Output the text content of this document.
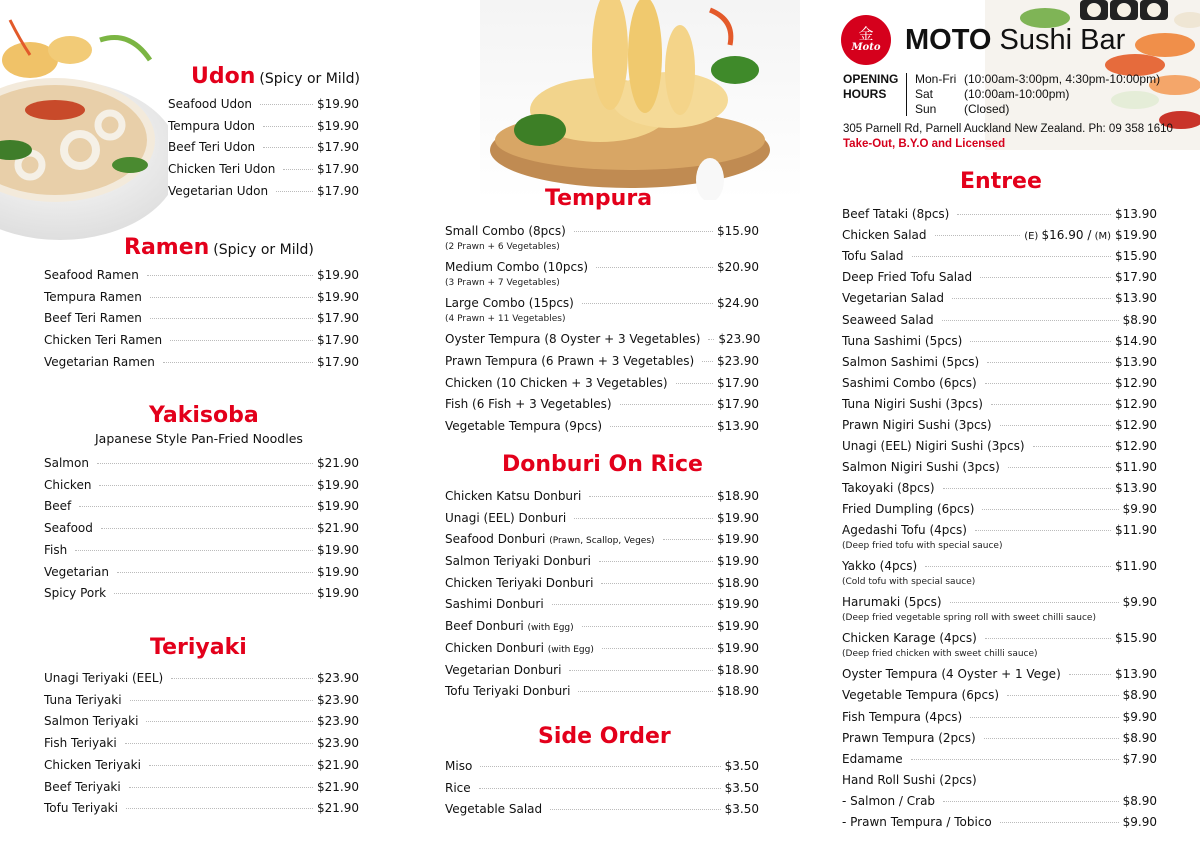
金
Moto MOTO Sushi Bar
OPENING
HOURS
Mon-Fri (10:00am-3:00pm, 4:30pm-10:00pm)
Sat	(10:00am-10:00pm)
Sun (Closed)
305 Parnell Rd, Parnell Auckland New Zealand. Ph: 09 358 1610
Take-Out, B.Y.O and Licensed
Udon (Spicy or Mild)
Ramen (Spicy or Mild)
Yakisoba
Japanese Style Pan-Fried Noodles
Teriyaki
Tempura
Donburi On Rice
Side Order
Entree
Seafood Udon	$19.90
Tempura Udon	$19.90
Beef Teri Udon	$17.90
Chicken Teri Udon	$17.90
Vegetarian Udon	$17.90
Seafood Ramen	$19.90
Tempura Ramen	$19.90
Beef Teri Ramen	$17.90
Chicken Teri Ramen	$17.90
Vegetarian Ramen	$17.90
Salmon	$21.90
Chicken	$19.90
Beef	$19.90
Seafood	$21.90
Fish	$19.90
Vegetarian	$19.90
Spicy Pork	$19.90
Unagi Teriyaki (EEL)	$23.90
Tuna Teriyaki	$23.90
Salmon Teriyaki	$23.90
Fish Teriyaki	$23.90
Chicken Teriyaki	$21.90
Beef Teriyaki	$21.90
Tofu Teriyaki	$21.90
Small Combo (8pcs)	$15.90
(2 Prawn + 6 Vegetables)
Medium Combo (10pcs)	$20.90
(3 Prawn + 7 Vegetables)
Large Combo (15pcs)	$24.90
(4 Prawn + 11 Vegetables)
Oyster Tempura (8 Oyster + 3 Vegetables)	$23.90
Prawn Tempura (6 Prawn + 3 Vegetables)	$23.90
Chicken (10 Chicken + 3 Vegetables)	$17.90
Fish (6 Fish + 3 Vegetables)	$17.90
Vegetable Tempura (9pcs)	$13.90
Chicken Katsu Donburi	$18.90
Unagi (EEL) Donburi	$19.90
Seafood Donburi (Prawn, Scallop, Veges)	$19.90
Salmon Teriyaki Donburi	$19.90
Chicken Teriyaki Donburi	$18.90
Sashimi Donburi	$19.90
Beef Donburi (with Egg)	$19.90
Chicken Donburi (with Egg)	$19.90
Vegetarian Donburi	$18.90
Tofu Teriyaki Donburi	$18.90
Miso	$3.50
Rice	$3.50
Vegetable Salad	$3.50
Beef Tataki (8pcs)	$13.90
Chicken Salad	(E) $16.90 / (M) $19.90
Tofu Salad	$15.90
Deep Fried Tofu Salad	$17.90
Vegetarian Salad	$13.90
Seaweed Salad	$8.90
Tuna Sashimi (5pcs)	$14.90
Salmon Sashimi (5pcs)	$13.90
Sashimi Combo (6pcs)	$12.90
Tuna Nigiri Sushi (3pcs)	$12.90
Prawn Nigiri Sushi (3pcs)	$12.90
Unagi (EEL) Nigiri Sushi (3pcs)	$12.90
Salmon Nigiri Sushi (3pcs)	$11.90
Takoyaki (8pcs)	$13.90
Fried Dumpling (6pcs)	$9.90
Agedashi Tofu (4pcs)	$11.90
(Deep fried tofu with special sauce)
Yakko (4pcs)	$11.90
(Cold tofu with special sauce)
Harumaki (5pcs)	$9.90
(Deep fried vegetable spring roll with sweet chilli sauce)
Chicken Karage (4pcs)	$15.90
(Deep fried chicken with sweet chilli sauce)
Oyster Tempura (4 Oyster + 1 Vege)	$13.90
Vegetable Tempura (6pcs)	$8.90
Fish Tempura (4pcs)	$9.90
Prawn Tempura (2pcs)	$8.90
Edamame	$7.90
Hand Roll Sushi (2pcs)
- Salmon / Crab	$8.90
- Prawn Tempura / Tobico	$9.90
